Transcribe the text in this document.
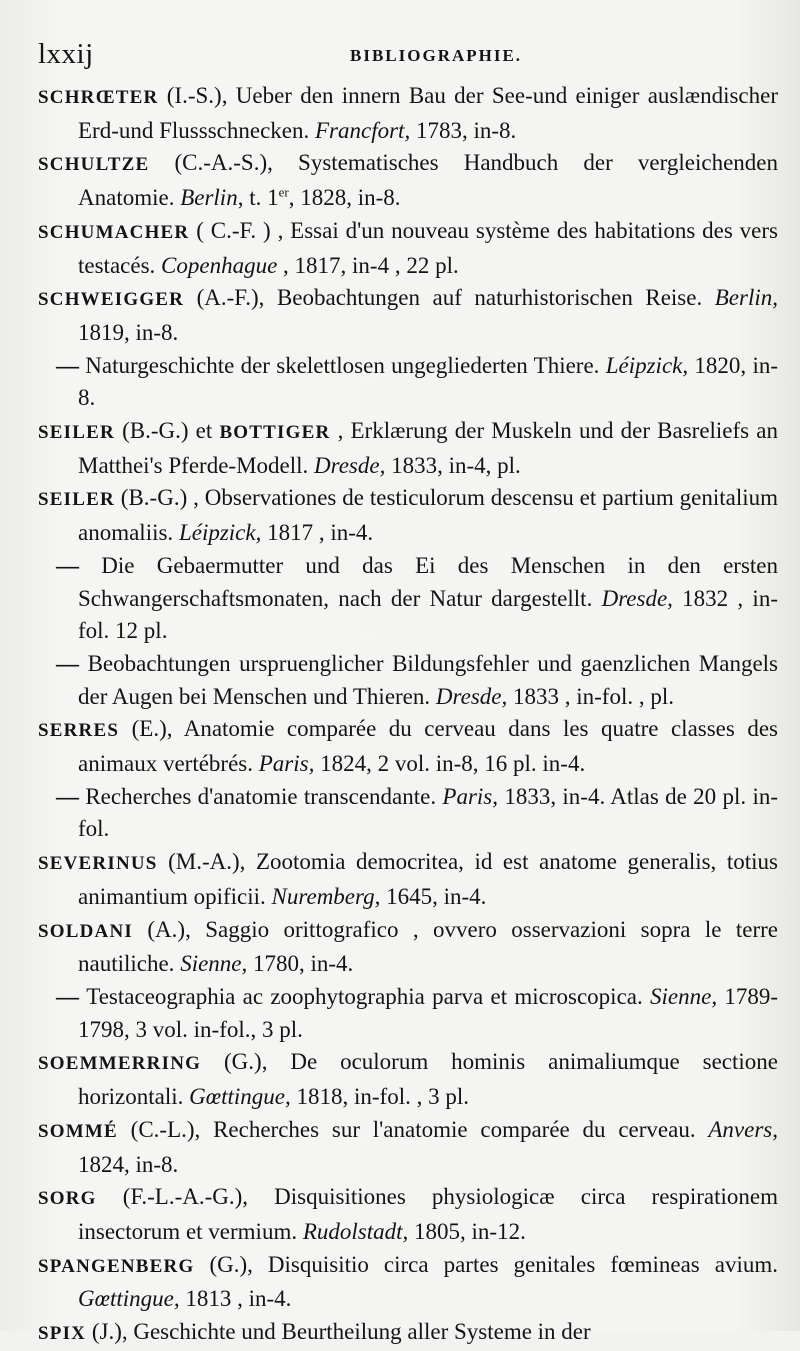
lxxij	BIBLIOGRAPHIE.
SCHRŒTER (I.-S.), Ueber den innern Bau der See-und einiger auslændischer Erd-und Flussschnecken. Francfort, 1783, in-8.
SCHULTZE (C.-A.-S.), Systematisches Handbuch der vergleichenden Anatomie. Berlin, t. 1er, 1828, in-8.
SCHUMACHER ( C.-F. ) , Essai d'un nouveau système des habitations des vers testacés. Copenhague , 1817, in-4 , 22 pl.
SCHWEIGGER (A.-F.), Beobachtungen auf naturhistorischen Reise. Berlin, 1819, in-8.
— Naturgeschichte der skelettlosen ungegliederten Thiere. Léipzick, 1820, in-8.
SEILER (B.-G.) et BOTTIGER , Erklærung der Muskeln und der Basreliefs an Matthei's Pferde-Modell. Dresde, 1833, in-4, pl.
SEILER (B.-G.) , Observationes de testiculorum descensu et partium genitalium anomaliis. Léipzick, 1817 , in-4.
— Die Gebaermutter und das Ei des Menschen in den ersten Schwangerschaftsmonaten, nach der Natur dargestellt. Dresde, 1832 , in-fol. 12 pl.
— Beobachtungen urspruenglicher Bildungsfehler und gaenzlichen Mangels der Augen bei Menschen und Thieren. Dresde, 1833 , in-fol. , pl.
SERRES (E.), Anatomie comparée du cerveau dans les quatre classes des animaux vertébrés. Paris, 1824, 2 vol. in-8, 16 pl. in-4.
— Recherches d'anatomie transcendante. Paris, 1833, in-4. Atlas de 20 pl. in-fol.
SEVERINUS (M.-A.), Zootomia democritea, id est anatome generalis, totius animantium opificii. Nuremberg, 1645, in-4.
SOLDANI (A.), Saggio orittografico , ovvero osservazioni sopra le terre nautiliche. Sienne, 1780, in-4.
— Testaceographia ac zoophytographia parva et microscopica. Sienne, 1789-1798, 3 vol. in-fol., 3 pl.
SOEMMERRING (G.), De oculorum hominis animaliumque sectione horizontali. Gœttingue, 1818, in-fol. , 3 pl.
SOMMÉ (C.-L.), Recherches sur l'anatomie comparée du cerveau. Anvers, 1824, in-8.
SORG (F.-L.-A.-G.), Disquisitiones physiologicæ circa respirationem insectorum et vermium. Rudolstadt, 1805, in-12.
SPANGENBERG (G.), Disquisitio circa partes genitales fœmineas avium. Gœttingue, 1813 , in-4.
SPIX (J.), Geschichte und Beurtheilung aller Systeme in der
